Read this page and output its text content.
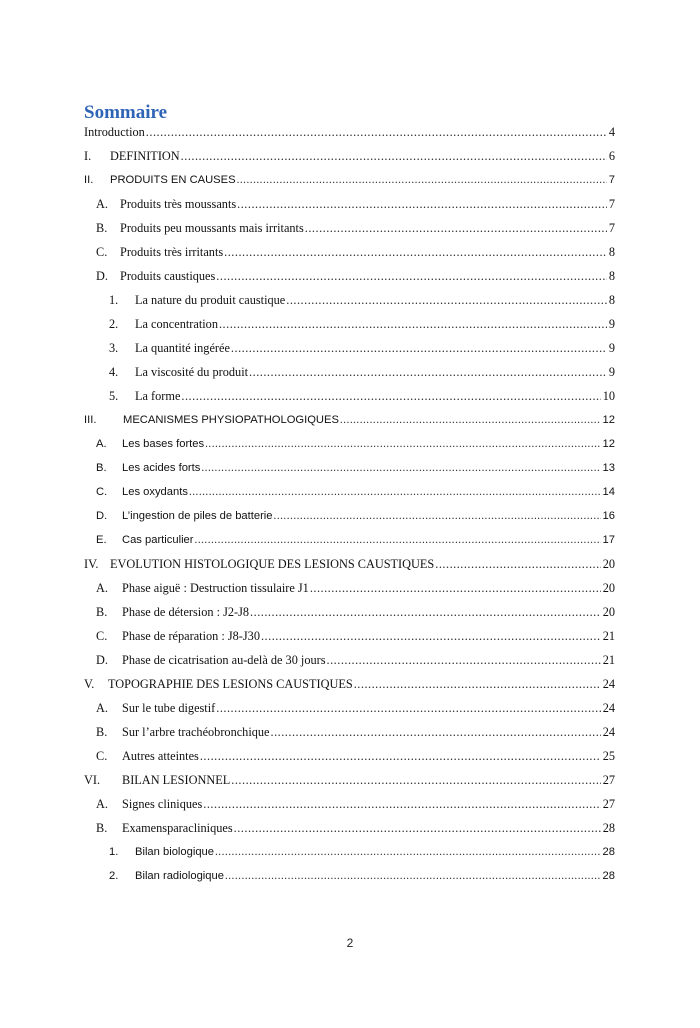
Sommaire
Introduction .....	4
I.	DEFINITION .....	6
II.	PRODUITS EN CAUSES .....	7
A. Produits très moussants .....	7
B.	Produits peu moussants mais irritants .....	7
C.	Produits très irritants .....	8
D. Produits caustiques .....	8
1.	La nature du produit caustique .....	8
2.	La concentration .....	9
3.	La quantité ingérée .....	9
4.	La viscosité du produit .....	9
5.	La forme .....	10
III.	MECANISMES PHYSIOPATHOLOGIQUES .....	12
A.	Les bases fortes .....	12
B.	Les acides forts .....	13
C.	Les oxydants .....	14
D.	L’ingestion de piles de batterie .....	16
E.	Cas particulier .....	17
IV. EVOLUTION HISTOLOGIQUE DES LESIONS CAUSTIQUES .....	20
A.	Phase aiguë : Destruction tissulaire J1 .....	20
B.	Phase de détersion : J2-J8 .....	20
C.	Phase de réparation : J8-J30 .....	21
D.	Phase de cicatrisation au-delà de 30 jours .....	21
V.	TOPOGRAPHIE DES LESIONS CAUSTIQUES .....	24
A.	Sur le tube digestif .....	24
B.	Sur l’arbre trachéobronchique .....	24
C.	Autres atteintes .....	25
VI.	BILAN LESIONNEL .....	27
A.	Signes cliniques .....	27
B.	Examensparacliniques .....	28
1.	Bilan biologique .....	28
2.	Bilan radiologique .....	28
2
